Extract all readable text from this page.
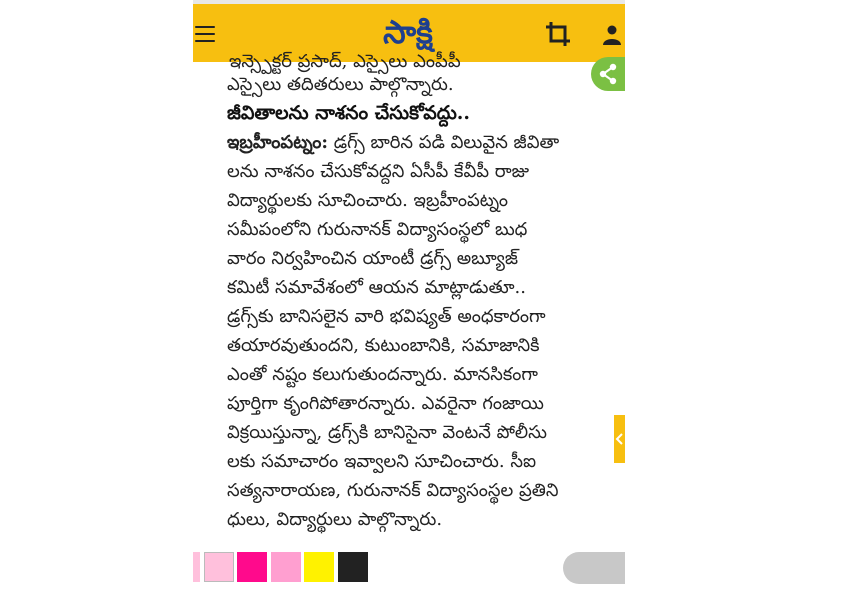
సాక్షి
ఇన్స్పెక్టర్ ప్రసాద్, ఎస్సైలు ఎంపీపీ
ఎస్సైలు తదితరులు పాల్గొన్నారు.
జీవితాలను నాశనం చేసుకోవద్దు..
ఇబ్రహీంపట్నం: డ్రగ్స్ బారిన పడి విలువైన జీవితా
లను నాశనం చేసుకోవద్దని ఏసీపీ కేవీపీ రాజు
విద్యార్థులకు సూచించారు. ఇబ్రహీంపట్నం
సమీపంలోని గురునానక్ విద్యాసంస్థలో బుధ
వారం నిర్వహించిన యాంటీ డ్రగ్స్ అబ్యూజ్
కమిటీ సమావేశంలో ఆయన మాట్లాడుతూ..
డ్రగ్స్‌కు బానిసలైన వారి భవిష్యత్ అంధకారంగా
తయారవుతుందని, కుటుంబానికి, సమాజానికి
ఎంతో నష్టం కలుగుతుందన్నారు. మానసికంగా
పూర్తిగా కృంగిపోతారన్నారు. ఎవరైనా గంజాయి
విక్రయిస్తున్నా, డ్రగ్స్‌కి బానిసైనా వెంటనే పోలీసు
లకు సమాచారం ఇవ్వాలని సూచించారు. సీఐ
సత్యనారాయణ, గురునానక్ విద్యాసంస్థల ప్రతిని
ధులు, విద్యార్థులు పాల్గొన్నారు.
